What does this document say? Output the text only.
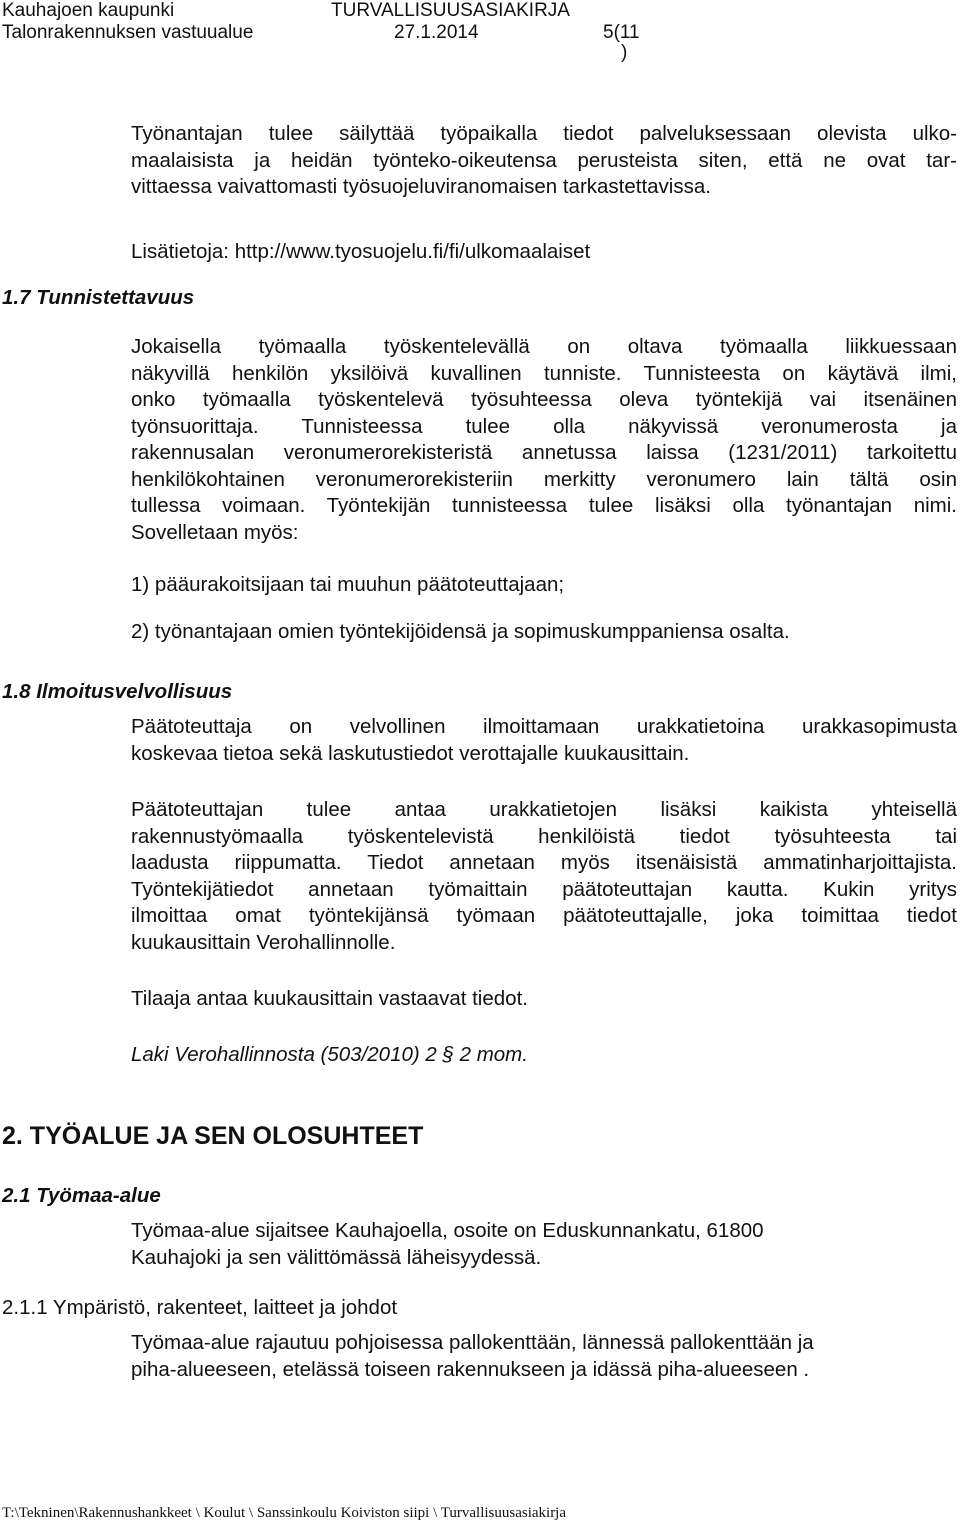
Kauhajoen kaupunki
Talonrakennuksen vastuualue
TURVALLISUUSASIAKIRJA
27.1.2014	5(11
)
Työnantajan tulee säilyttää työpaikalla tiedot palveluksessaan olevista ulko-
maalaisista ja heidän työnteko-oikeutensa perusteista siten, että ne ovat tar-
vittaessa vaivattomasti työsuojeluviranomaisen tarkastettavissa.
Lisätietoja: http://www.tyosuojelu.fi/fi/ulkomaalaiset
1.7 Tunnistettavuus
Jokaisella työmaalla työskentelevällä on oltava työmaalla liikkuessaan
näkyvillä henkilön yksilöivä kuvallinen tunniste. Tunnisteesta on käytävä ilmi,
onko työmaalla työskentelevä työsuhteessa oleva työntekijä vai itsenäinen
työnsuorittaja. Tunnisteessa tulee olla näkyvissä veronumerosta ja
rakennusalan veronumerorekisteristä annetussa laissa (1231/2011) tarkoitettu
henkilökohtainen veronumerorekisteriin merkitty veronumero lain tältä osin
tullessa voimaan. Työntekijän tunnisteessa tulee lisäksi olla työnantajan nimi.
Sovelletaan myös:
1) pääurakoitsijaan tai muuhun päätoteuttajaan;
2) työnantajaan omien työntekijöidensä ja sopimuskumppaniensa osalta.
1.8 Ilmoitusvelvollisuus
Päätoteuttaja on velvollinen ilmoittamaan urakkatietoina urakkasopimusta
koskevaa tietoa sekä laskutustiedot verottajalle kuukausittain.
Päätoteuttajan tulee antaa urakkatietojen lisäksi kaikista yhteisellä
rakennustyömaalla työskentelevistä henkilöistä tiedot työsuhteesta tai
laadusta riippumatta. Tiedot annetaan myös itsenäisistä ammatinharjoittajista.
Työntekijätiedot annetaan työmaittain päätoteuttajan kautta. Kukin yritys
ilmoittaa omat työntekijänsä työmaan päätoteuttajalle, joka toimittaa tiedot
kuukausittain Verohallinnolle.
Tilaaja antaa kuukausittain vastaavat tiedot.
Laki Verohallinnosta (503/2010) 2 § 2 mom.
2. TYÖALUE JA SEN OLOSUHTEET
2.1 Työmaa-alue
Työmaa-alue sijaitsee Kauhajoella, osoite on Eduskunnankatu, 61800
Kauhajoki ja sen välittömässä läheisyydessä.
2.1.1 Ympäristö, rakenteet, laitteet ja johdot
Työmaa-alue rajautuu pohjoisessa pallokenttään, lännessä pallokenttään ja
piha-alueeseen, etelässä toiseen rakennukseen ja idässä piha-alueeseen .
T:\Tekninen\Rakennushankkeet \ Koulut \ Sanssinkoulu Koiviston siipi \ Turvallisuusasiakirja
